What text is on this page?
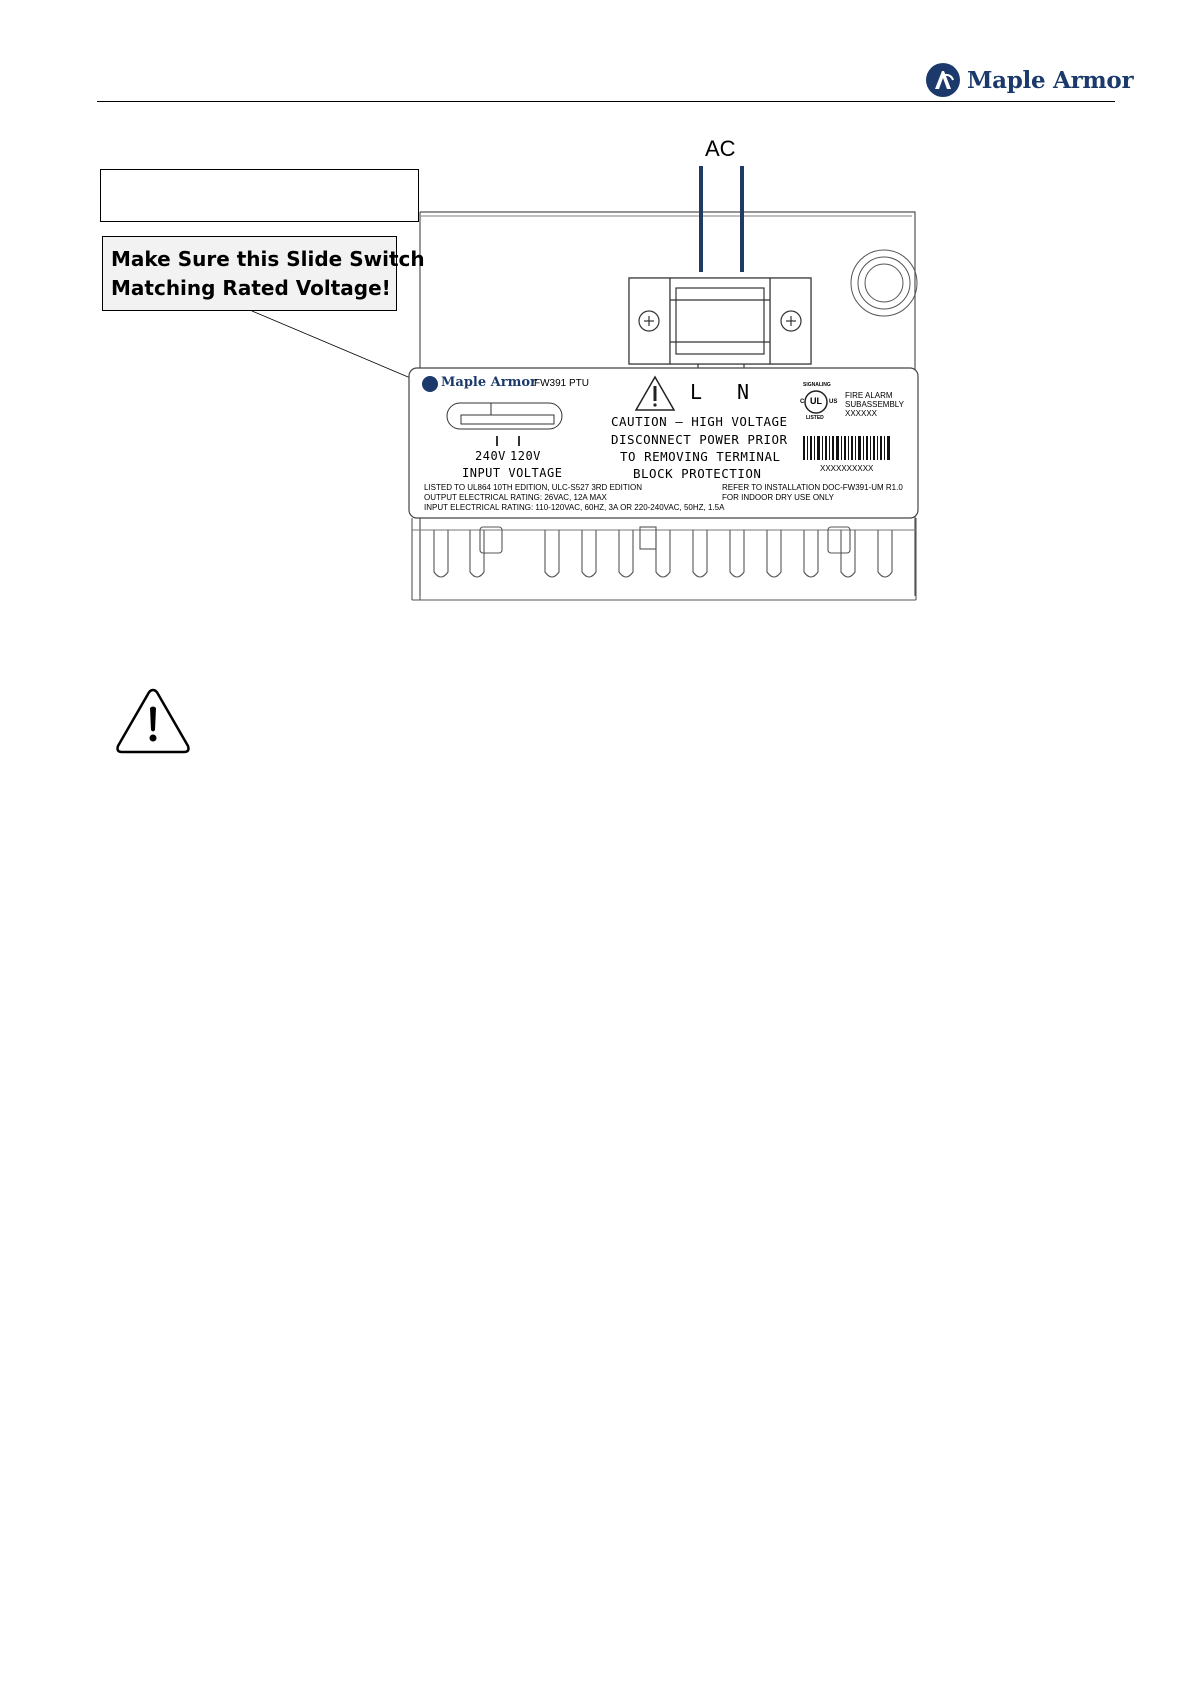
Maple Armor
AC
Make Sure this Slide Switch
Matching Rated Voltage!
L N
Maple Armor
FW391 PTU
240V 120V
INPUT VOLTAGE
CAUTION – HIGH VOLTAGE
DISCONNECT POWER PRIOR
TO REMOVING TERMINAL
BLOCK PROTECTION
SIGNALING
C UL US
LISTED
FIRE ALARM
SUBASSEMBLY
XXXXXX
XXXXXXXXXX
LISTED TO UL864 10TH EDITION, ULC-S527 3RD EDITION	REFER TO INSTALLATION DOC-FW391-UM R1.0
OUTPUT ELECTRICAL RATING: 26VAC, 12A MAX	FOR INDOOR DRY USE ONLY
INPUT ELECTRICAL RATING: 110-120VAC, 60HZ, 3A OR 220-240VAC, 50HZ, 1.5A
